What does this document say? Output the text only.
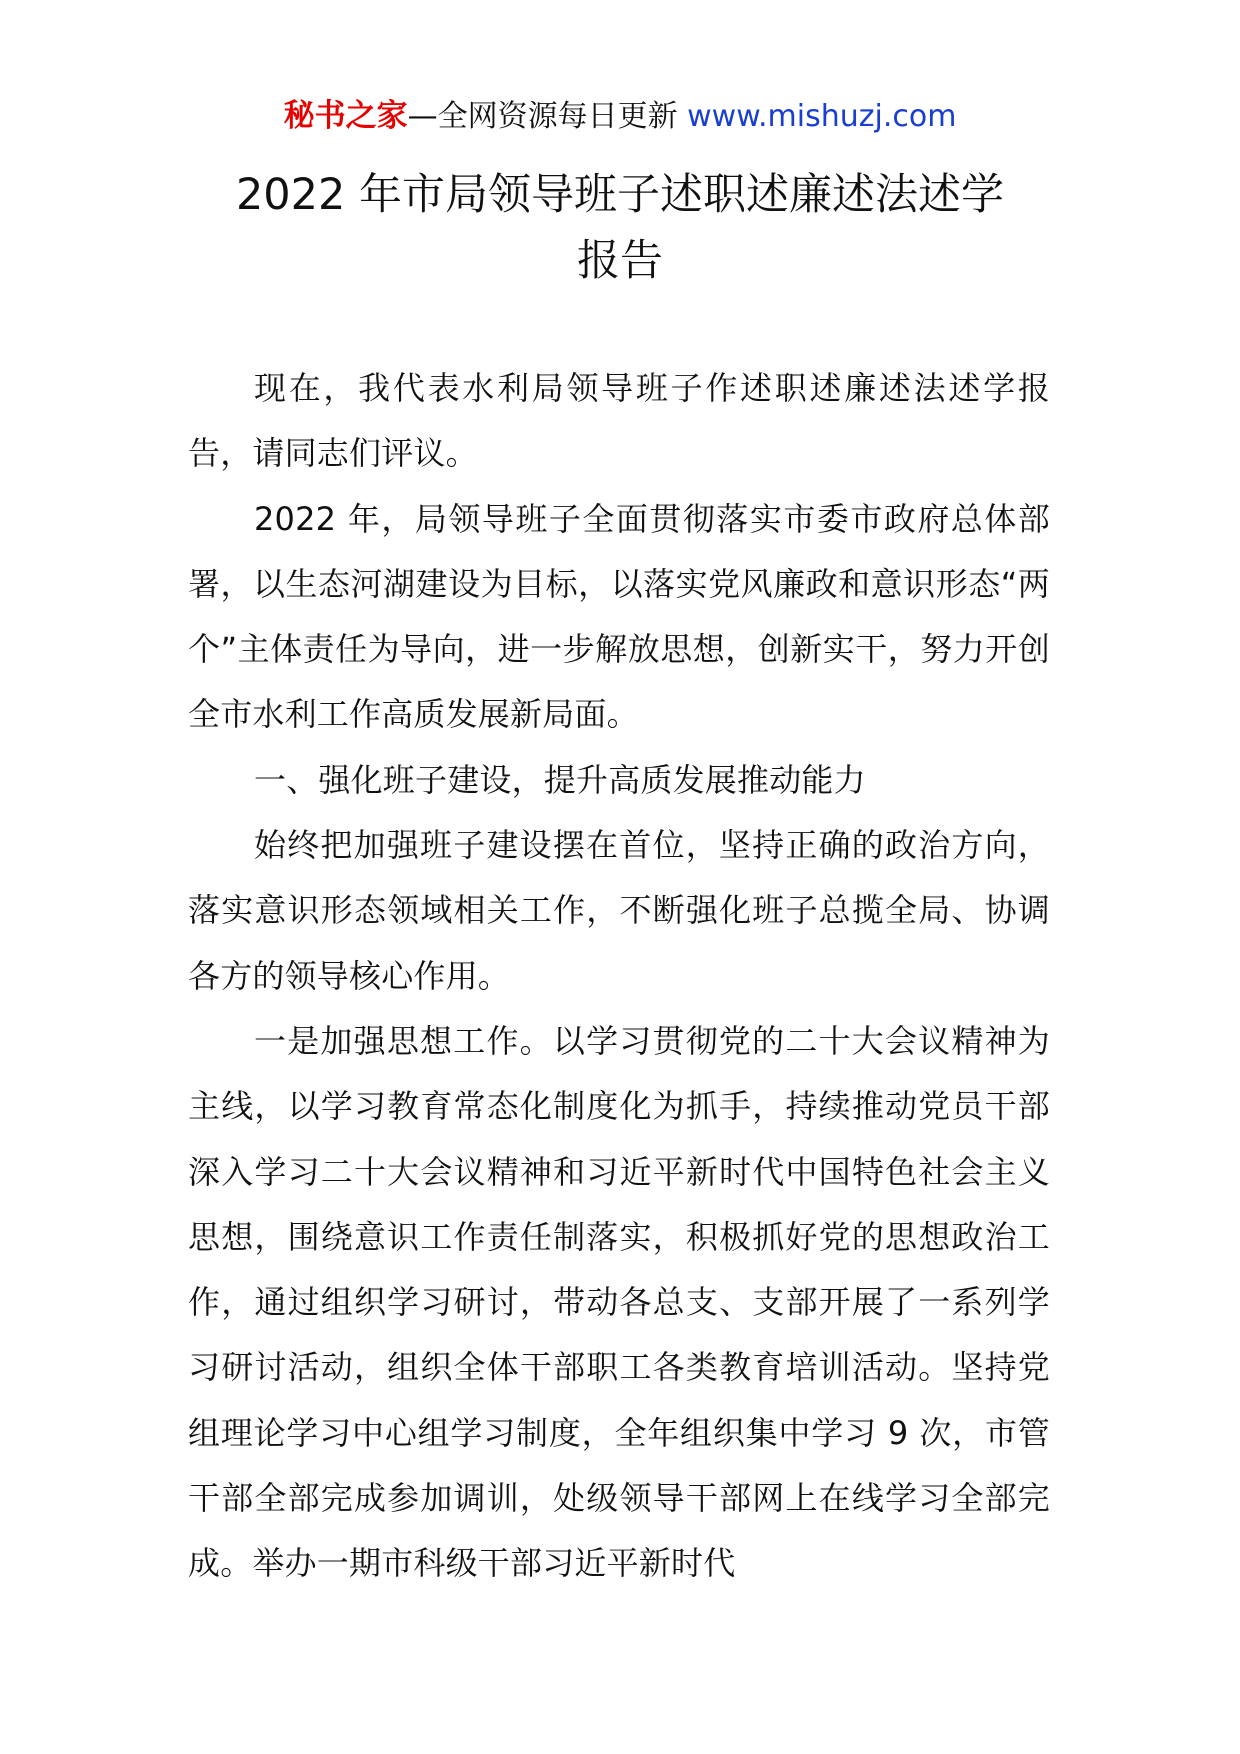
秘书之家—全网资源每日更新 www.mishuzj.com
2022 年市局领导班子述职述廉述法述学
报告

现在，我代表水利局领导班子作述职述廉述法述学报告，请同志们评议。

2022 年，局领导班子全面贯彻落实市委市政府总体部署，以生态河湖建设为目标，以落实党风廉政和意识形态“两个”主体责任为导向，进一步解放思想，创新实干，努力开创全市水利工作高质发展新局面。

一、强化班子建设，提升高质发展推动能力

始终把加强班子建设摆在首位，坚持正确的政治方向，落实意识形态领域相关工作，不断强化班子总揽全局、协调各方的领导核心作用。

一是加强思想工作。以学习贯彻党的二十大会议精神为主线，以学习教育常态化制度化为抓手，持续推动党员干部深入学习二十大会议精神和习近平新时代中国特色社会主义思想，围绕意识工作责任制落实，积极抓好党的思想政治工作，通过组织学习研讨，带动各总支、支部开展了一系列学习研讨活动，组织全体干部职工各类教育培训活动。坚持党组理论学习中心组学习制度，全年组织集中学习 9 次，市管干部全部完成参加调训，处级领导干部网上在线学习全部完成。举办一期市科级干部习近平新时代
